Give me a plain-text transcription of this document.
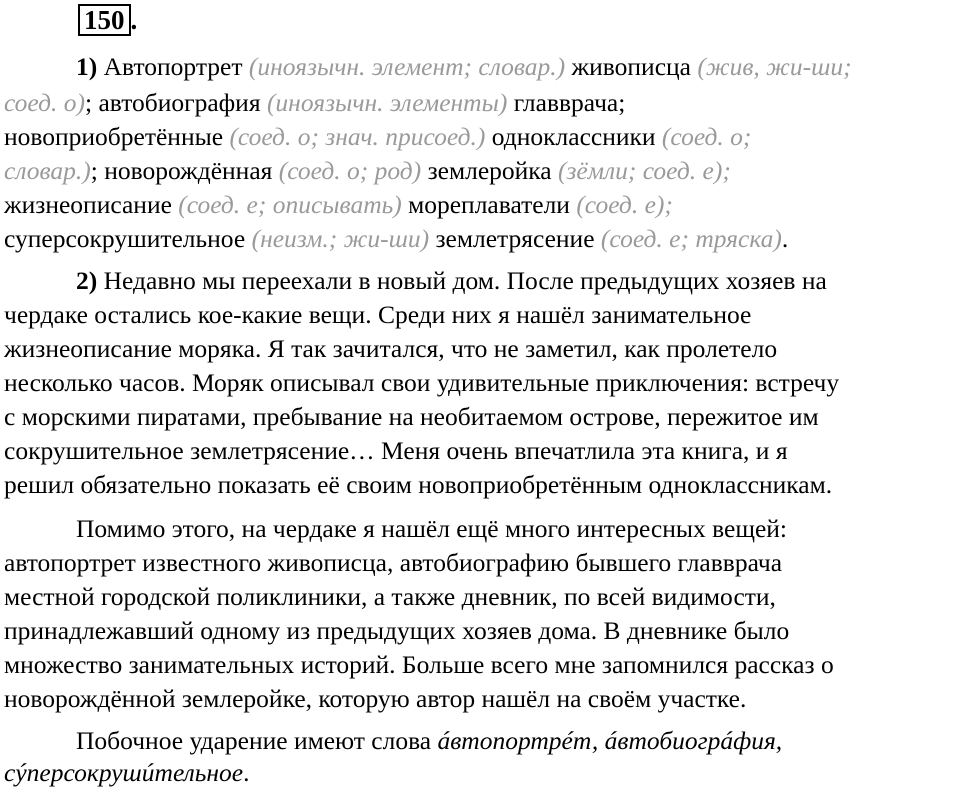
150 .
1) Автопортрет (иноязычн. элемент; словар.) живописца (жив, жи-ши;
соед. о); автобиография (иноязычн. элементы) главврача;
новоприобретённые (соед. о; знач. присоед.) одноклассники (соед. о;
словар.); новорождённая (соед. о; род) землеройка (зёмли; соед. е);
жизнеописание (соед. е; описывать) мореплаватели (соед. е);
суперсокрушительное (неизм.; жи-ши) землетрясение (соед. е; тряска).
2) Недавно мы переехали в новый дом. После предыдущих хозяев на
чердаке остались кое-какие вещи. Среди них я нашёл занимательное
жизнеописание моряка. Я так зачитался, что не заметил, как пролетело
несколько часов. Моряк описывал свои удивительные приключения: встречу
с морскими пиратами, пребывание на необитаемом острове, пережитое им
сокрушительное землетрясение… Меня очень впечатлила эта книга, и я
решил обязательно показать её своим новоприобретённым одноклассникам.
Помимо этого, на чердаке я нашёл ещё много интересных вещей:
автопортрет известного живописца, автобиографию бывшего главврача
местной городской поликлиники, а также дневник, по всей видимости,
принадлежавший одному из предыдущих хозяев дома. В дневнике было
множество занимательных историй. Больше всего мне запомнился рассказ о
новорождённой землеройке, которую автор нашёл на своём участке.
Побочное ударение имеют слова áвтопортрéт, áвтобиогрáфия,
сýперсокрушúтельное.
